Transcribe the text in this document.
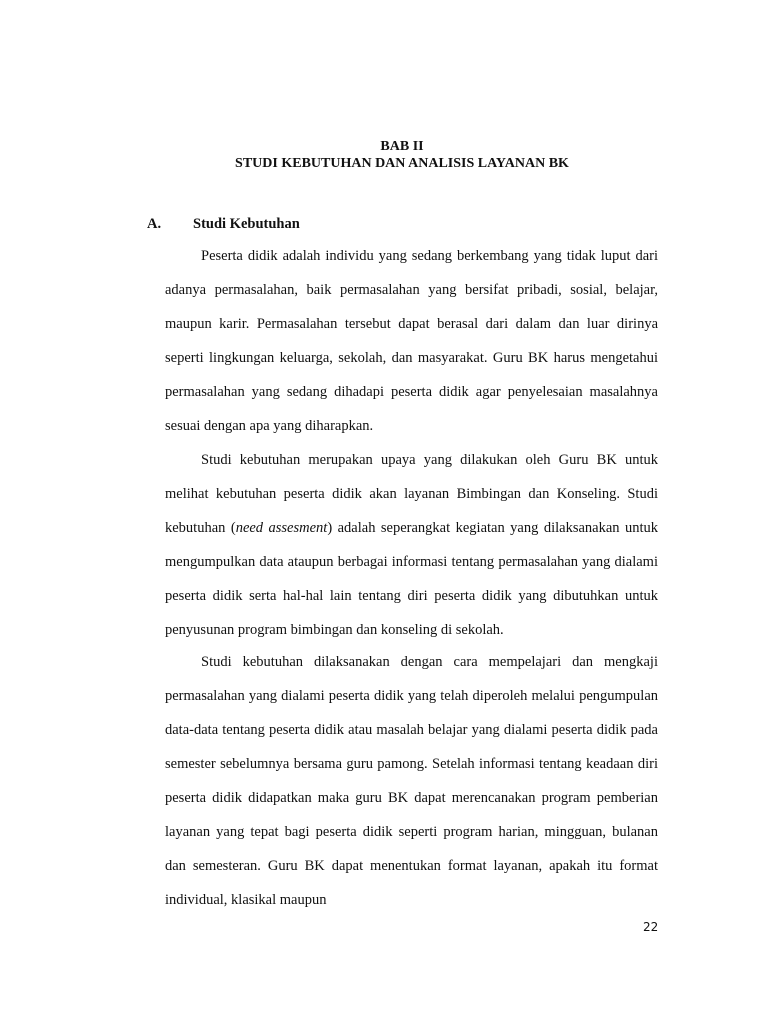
BAB II
STUDI KEBUTUHAN DAN ANALISIS LAYANAN BK
A. Studi Kebutuhan

Peserta didik adalah individu yang sedang berkembang yang tidak luput dari adanya permasalahan, baik permasalahan yang bersifat pribadi, sosial, belajar, maupun karir. Permasalahan tersebut dapat berasal dari dalam dan luar dirinya seperti lingkungan keluarga, sekolah, dan masyarakat. Guru BK harus mengetahui permasalahan yang sedang dihadapi peserta didik agar penyelesaian masalahnya sesuai dengan apa yang diharapkan.

Studi kebutuhan merupakan upaya yang dilakukan oleh Guru BK untuk melihat kebutuhan peserta didik akan layanan Bimbingan dan Konseling. Studi kebutuhan (need assesment) adalah seperangkat kegiatan yang dilaksanakan untuk mengumpulkan data ataupun berbagai informasi tentang permasalahan yang dialami peserta didik serta hal-hal lain tentang diri peserta didik yang dibutuhkan untuk penyusunan program bimbingan dan konseling di sekolah.

Studi kebutuhan dilaksanakan dengan cara mempelajari dan mengkaji permasalahan yang dialami peserta didik yang telah diperoleh melalui pengumpulan data-data tentang peserta didik atau masalah belajar yang dialami peserta didik pada semester sebelumnya bersama guru pamong. Setelah informasi tentang keadaan diri peserta didik didapatkan maka guru BK dapat merencanakan program pemberian layanan yang tepat bagi peserta didik seperti program harian, mingguan, bulanan dan semesteran. Guru BK dapat menentukan format layanan, apakah itu format individual, klasikal maupun

22
